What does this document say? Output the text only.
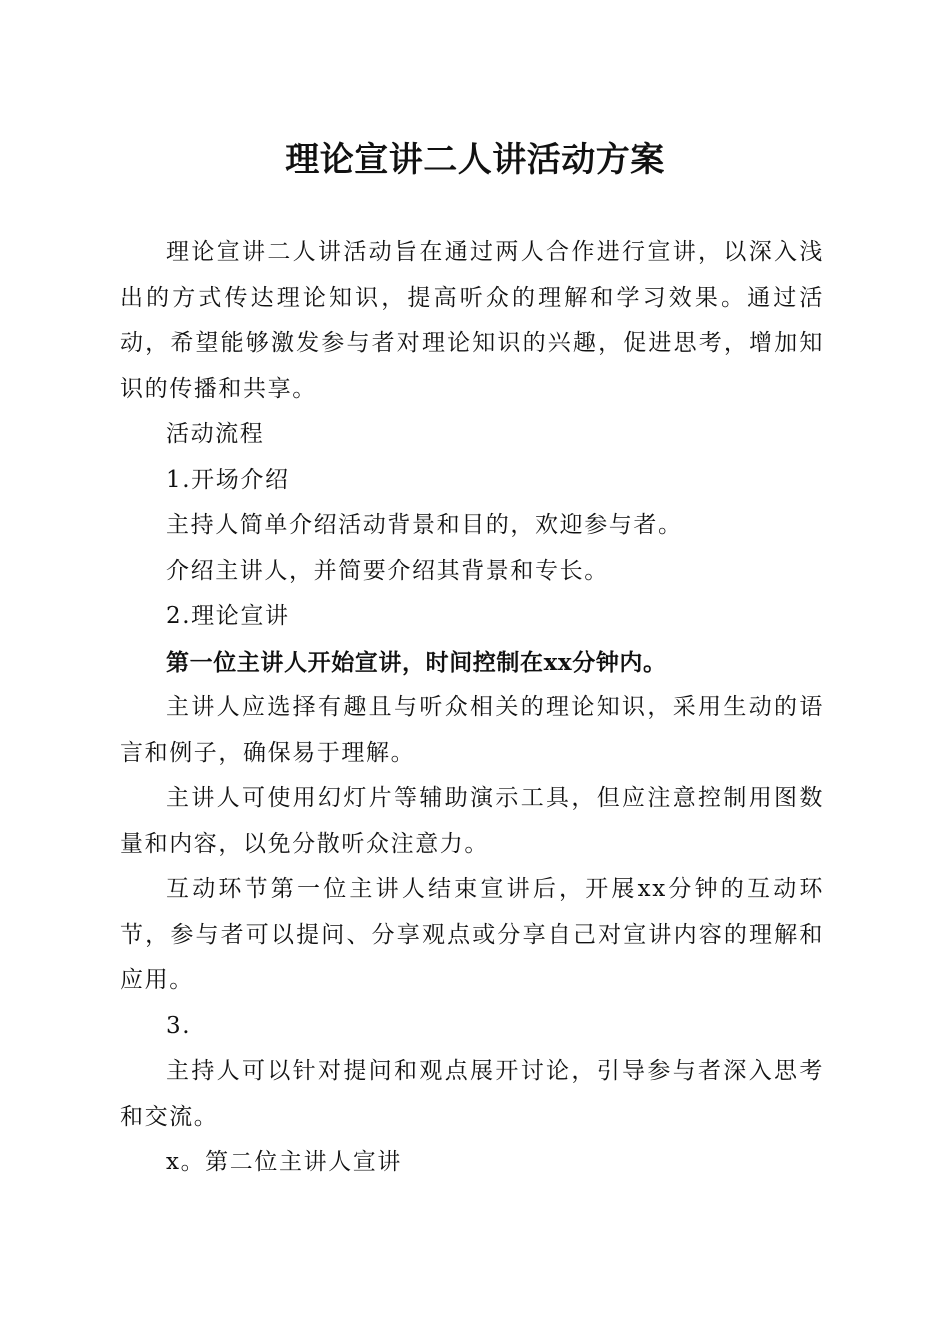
理论宣讲二人讲活动方案

理论宣讲二人讲活动旨在通过两人合作进行宣讲，以深入浅出的方式传达理论知识，提高听众的理解和学习效果。通过活动，希望能够激发参与者对理论知识的兴趣，促进思考，增加知识的传播和共享。

活动流程

1.开场介绍

主持人简单介绍活动背景和目的，欢迎参与者。

介绍主讲人，并简要介绍其背景和专长。

2.理论宣讲

第一位主讲人开始宣讲，时间控制在xx分钟内。

主讲人应选择有趣且与听众相关的理论知识，采用生动的语言和例子，确保易于理解。

主讲人可使用幻灯片等辅助演示工具，但应注意控制用图数量和内容，以免分散听众注意力。

互动环节第一位主讲人结束宣讲后，开展xx分钟的互动环节，参与者可以提问、分享观点或分享自己对宣讲内容的理解和应用。

3.

主持人可以针对提问和观点展开讨论，引导参与者深入思考和交流。

x。第二位主讲人宣讲
